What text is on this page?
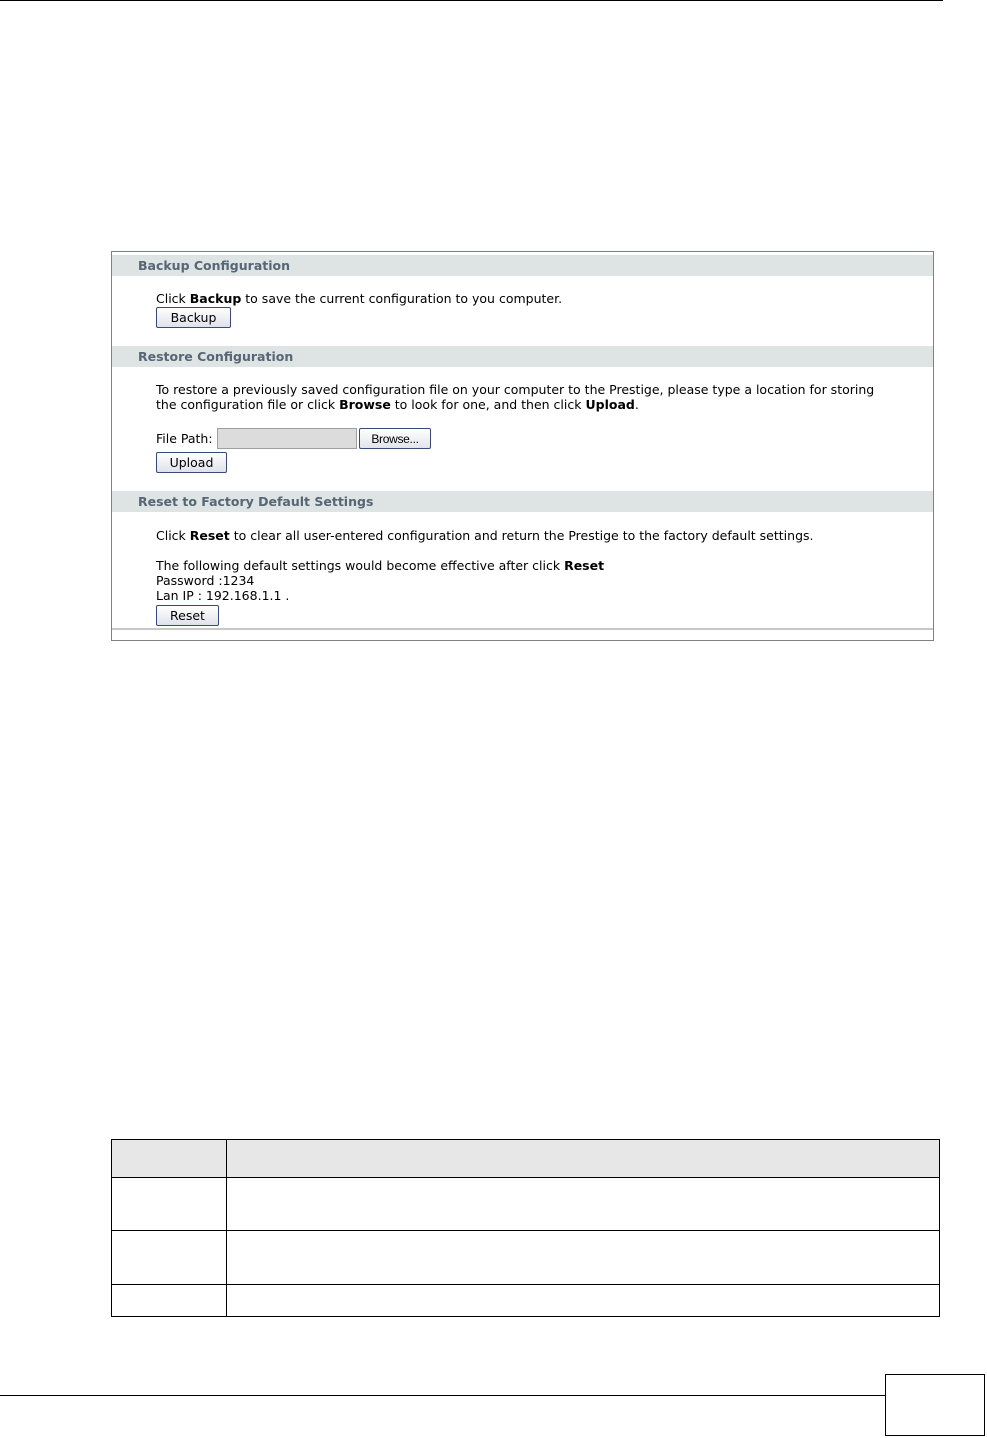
Backup Configuration
Click Backup to save the current configuration to you computer.
Backup
Restore Configuration
To restore a previously saved configuration file on your computer to the Prestige, please type a location for storing
the configuration file or click Browse to look for one, and then click Upload.
File Path:	Browse...
Upload
Reset to Factory Default Settings
Click Reset to clear all user-entered configuration and return the Prestige to the factory default settings.
The following default settings would become effective after click Reset
Password :1234
Lan IP : 192.168.1.1 .
Reset
